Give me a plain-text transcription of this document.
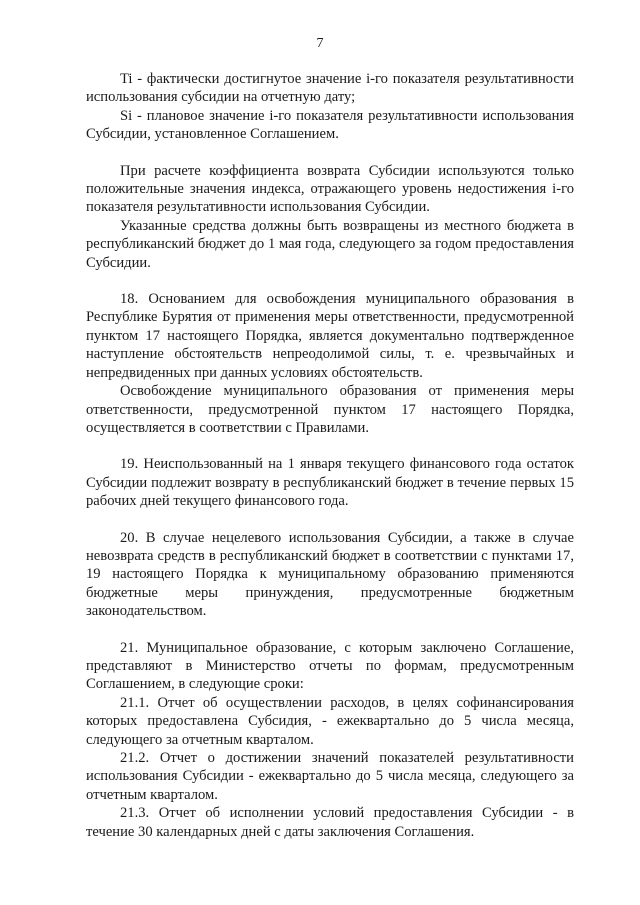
7

Ti - фактически достигнутое значение i-го показателя результативности использования субсидии на отчетную дату;

Si - плановое значение i-го показателя результативности использования Субсидии, установленное Соглашением.

При расчете коэффициента возврата Субсидии используются только положительные значения индекса, отражающего уровень недостижения i-го показателя результативности использования Субсидии.

Указанные средства должны быть возвращены из местного бюджета в республиканский бюджет до 1 мая года, следующего за годом предоставления Субсидии.

18. Основанием для освобождения муниципального образования в Республике Бурятия от применения меры ответственности, предусмотренной пунктом 17 настоящего Порядка, является документально подтвержденное наступление обстоятельств непреодолимой силы, т. е. чрезвычайных и непредвиденных при данных условиях обстоятельств.

Освобождение муниципального образования от применения меры ответственности, предусмотренной пунктом 17 настоящего Порядка, осуществляется в соответствии с Правилами.

19. Неиспользованный на 1 января текущего финансового года остаток Субсидии подлежит возврату в республиканский бюджет в течение первых 15 рабочих дней текущего финансового года.

20. В случае нецелевого использования Субсидии, а также в случае невозврата средств в республиканский бюджет в соответствии с пунктами 17, 19 настоящего Порядка к муниципальному образованию применяются бюджетные меры принуждения, предусмотренные бюджетным законодательством.

21. Муниципальное образование, с которым заключено Соглашение, представляют в Министерство отчеты по формам, предусмотренным Соглашением, в следующие сроки:

21.1. Отчет об осуществлении расходов, в целях софинансирования которых предоставлена Субсидия, - ежеквартально до 5 числа месяца, следующего за отчетным кварталом.

21.2. Отчет о достижении значений показателей результативности использования Субсидии - ежеквартально до 5 числа месяца, следующего за отчетным кварталом.

21.3. Отчет об исполнении условий предоставления Субсидии - в течение 30 календарных дней с даты заключения Соглашения.
